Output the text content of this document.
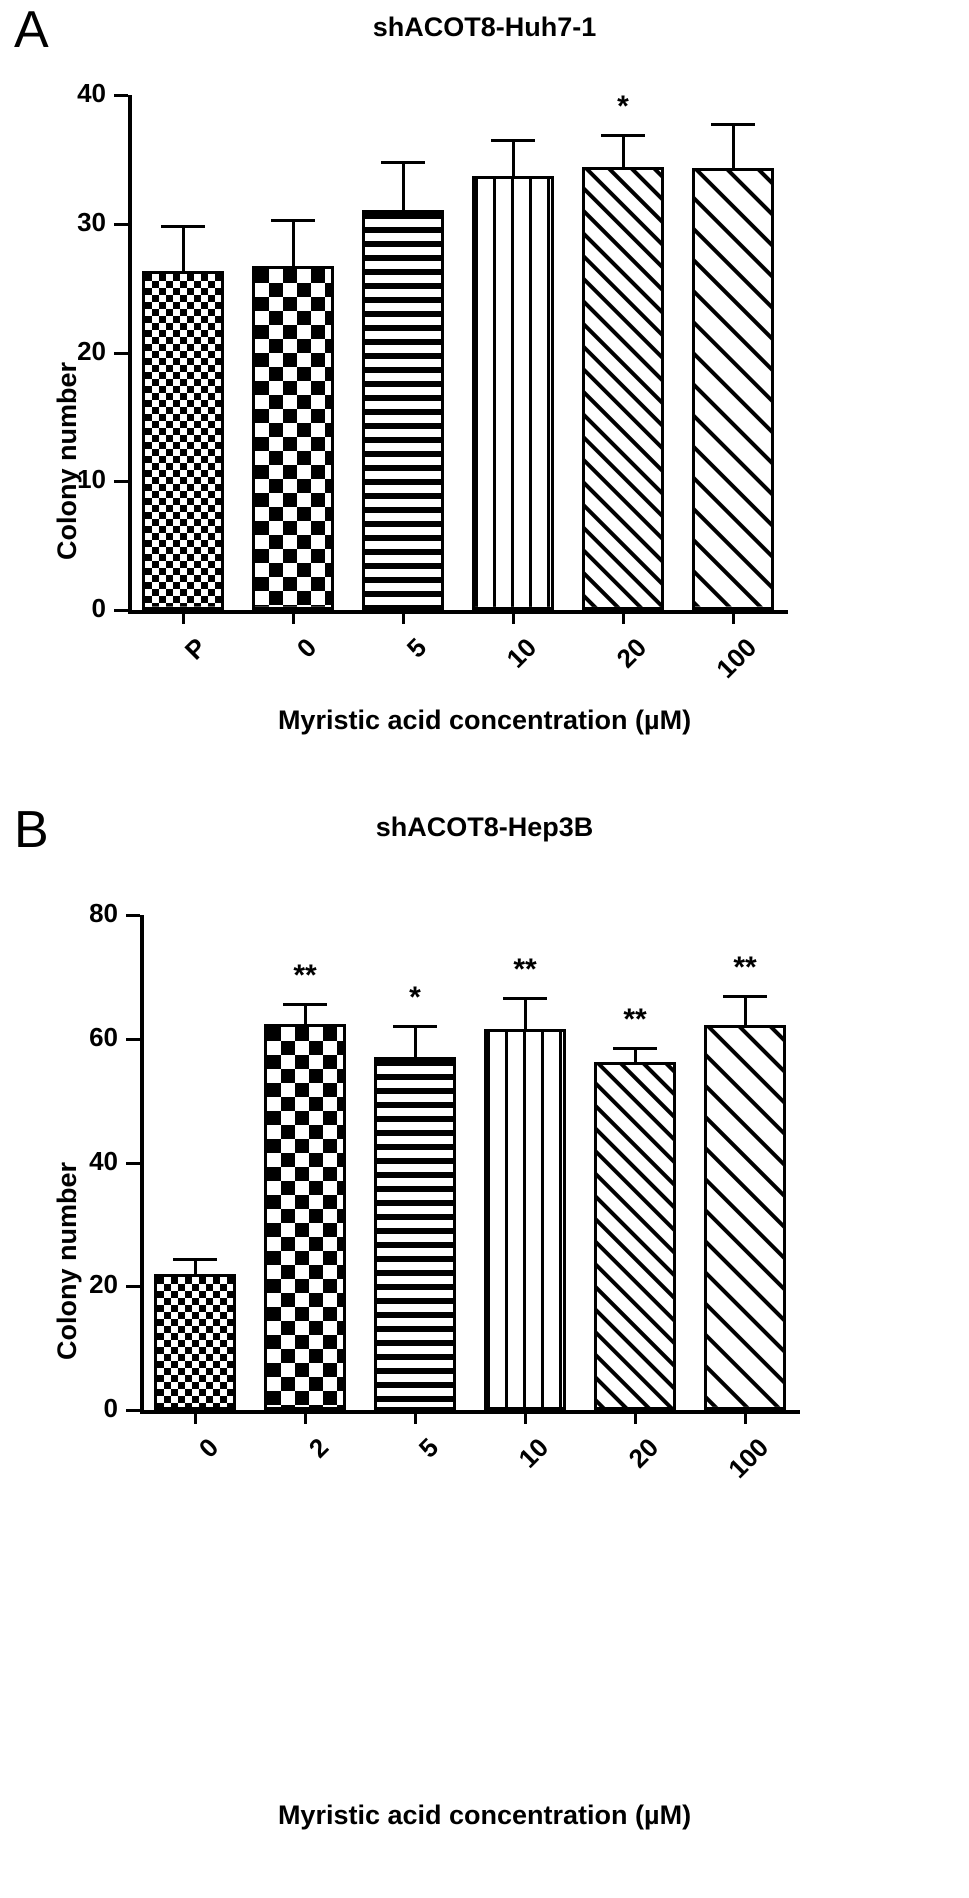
A	shACOT8-Huh7-1
0
10
20
30
40
P	0	5	10
*
20	100
Colony number
Myristic acid concentration (µM)
B	shACOT8-Hep3B
0
20
40
60
80
0
**
2
*
5
**
10
**
20
**
100
Colony number
Myristic acid concentration (µM)
